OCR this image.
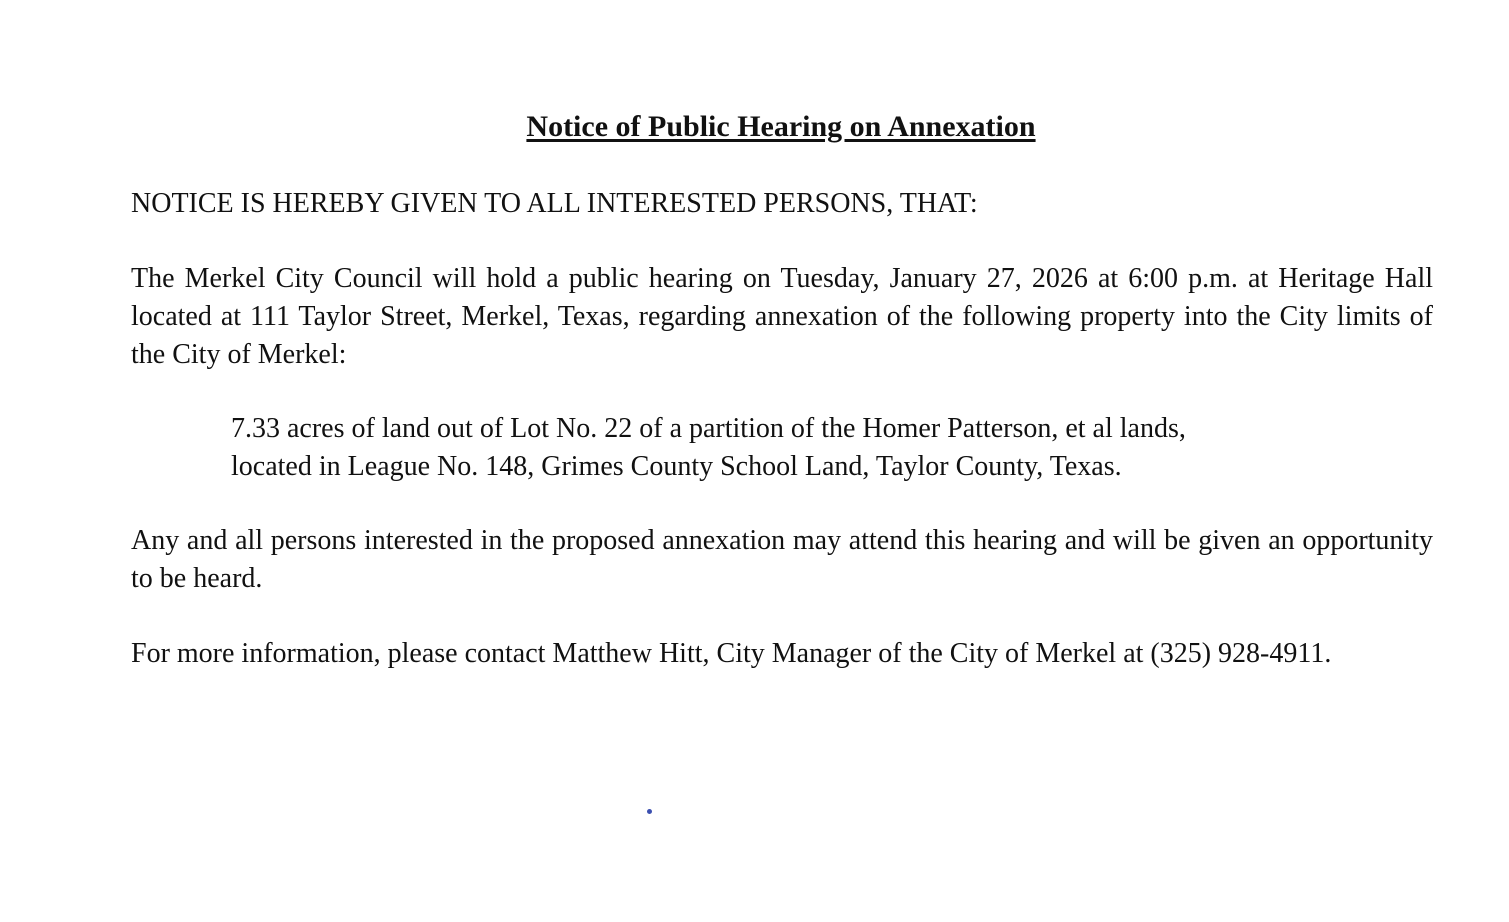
Notice of Public Hearing on Annexation

NOTICE IS HEREBY GIVEN TO ALL INTERESTED PERSONS, THAT:

The Merkel City Council will hold a public hearing on Tuesday, January 27, 2026 at 6:00 p.m. at Heritage Hall located at 111 Taylor Street, Merkel, Texas, regarding annexation of the following property into the City limits of the City of Merkel:

7.33 acres of land out of Lot No. 22 of a partition of the Homer Patterson, et al lands,
located in League No. 148, Grimes County School Land, Taylor County, Texas.

Any and all persons interested in the proposed annexation may attend this hearing and will be given an opportunity to be heard.

For more information, please contact Matthew Hitt, City Manager of the City of Merkel at (325) 928-4911.
